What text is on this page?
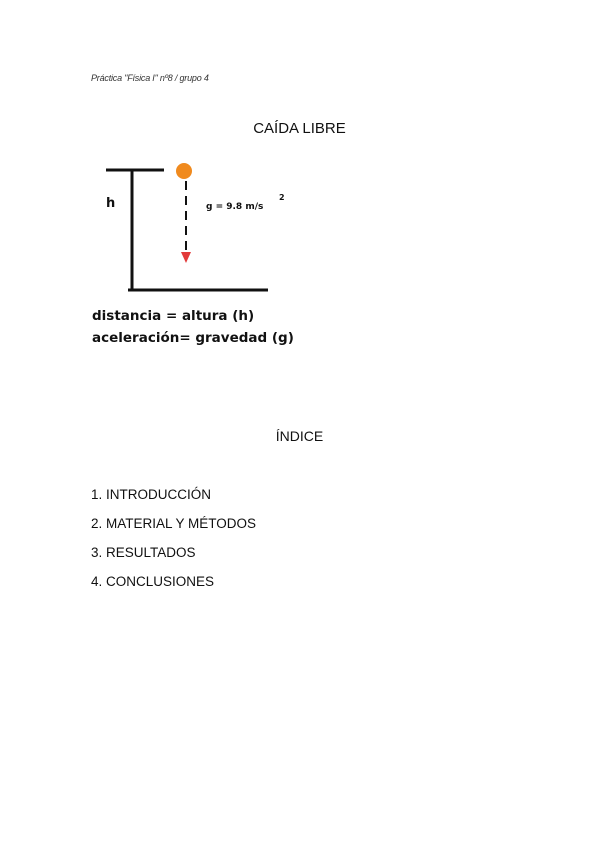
Práctica "Física I" nº8 / grupo 4
CAÍDA LIBRE
h	g = 9.8 m/s
2
distancia = altura (h)
aceleración= gravedad (g)
ÍNDICE
1. INTRODUCCIÓN
2. MATERIAL Y MÉTODOS
3. RESULTADOS
4. CONCLUSIONES
